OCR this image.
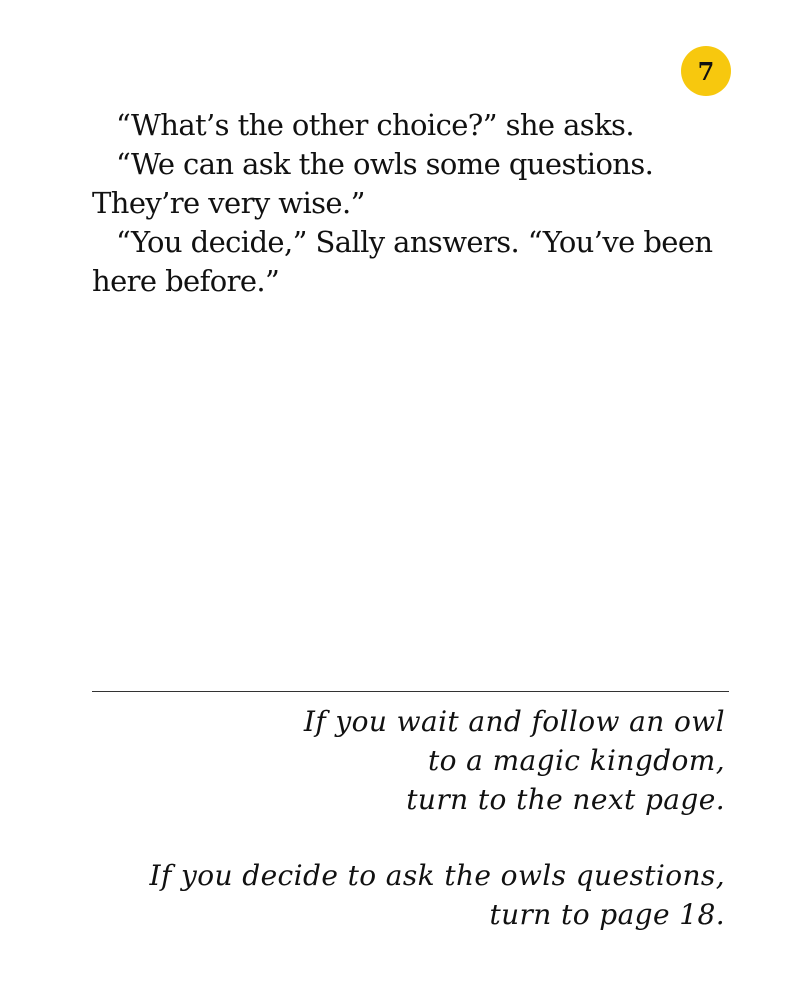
7

“What’s the other choice?” she asks.

“We can ask the owls some questions. They’re very wise.”

“You decide,” Sally answers. “You’ve been here before.”

If you wait and follow an owl
to a magic kingdom,
turn to the next page.
If you decide to ask the owls questions,
turn to page 18.
